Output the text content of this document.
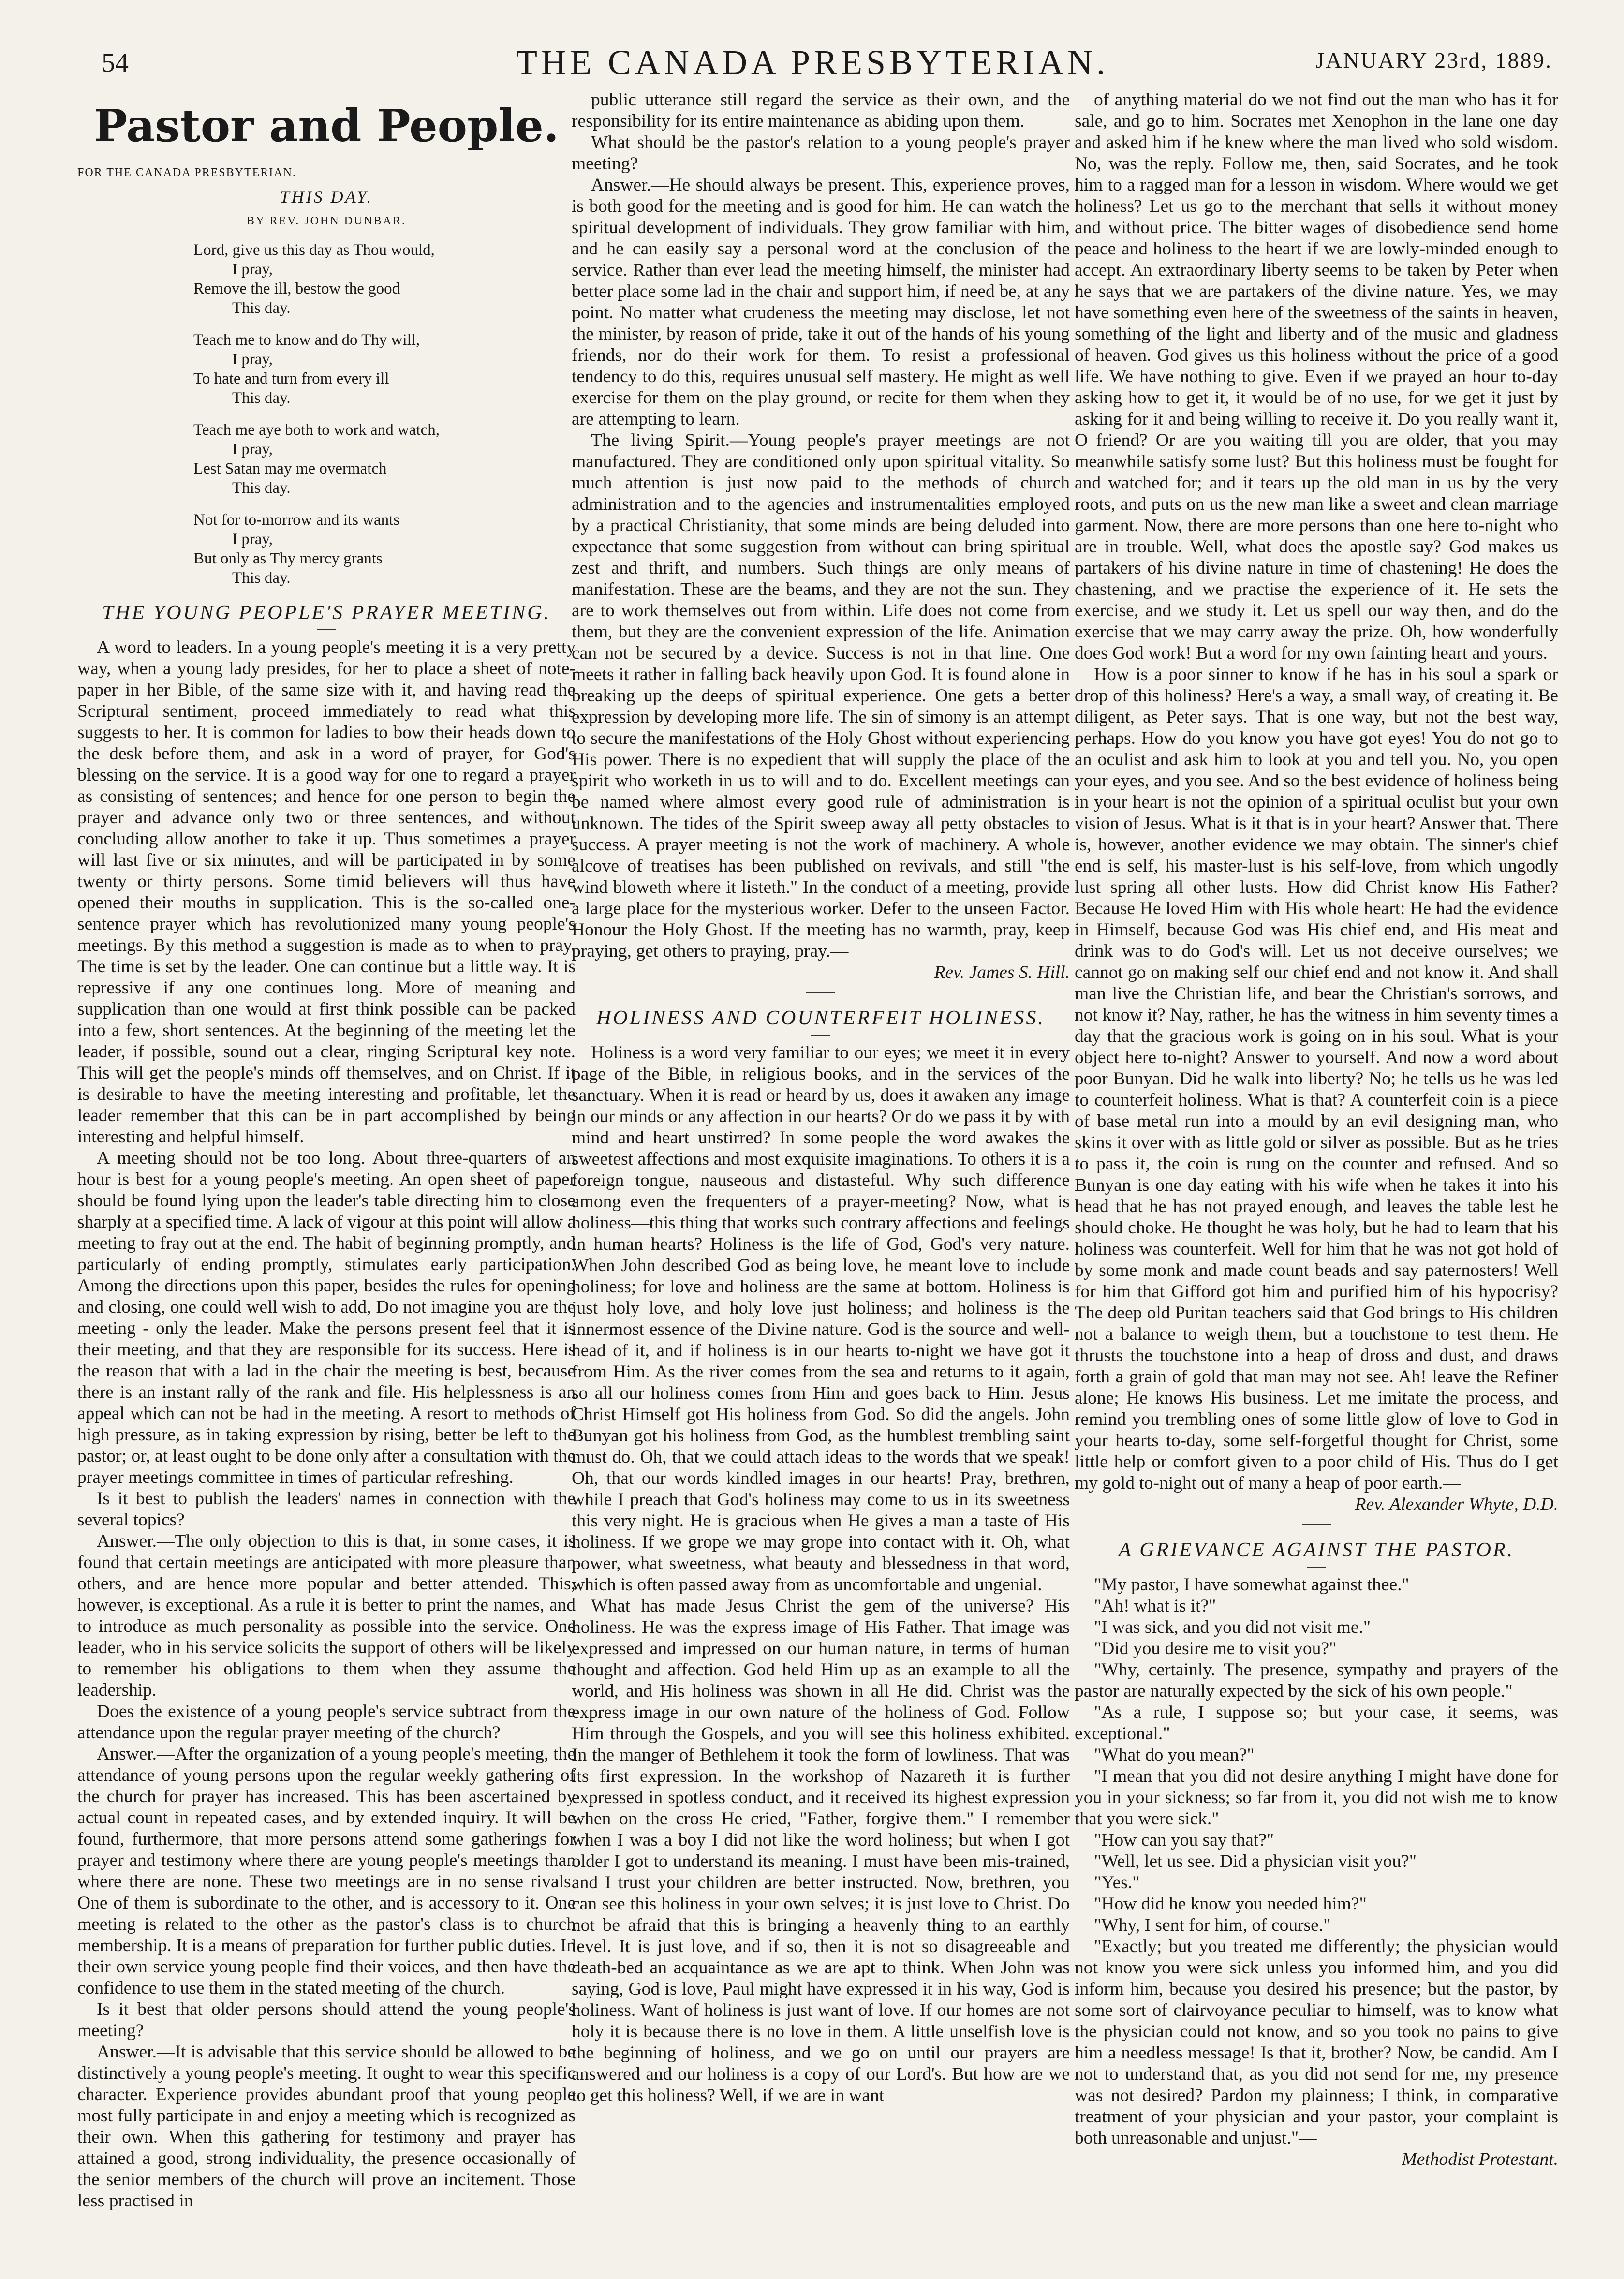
54	THE CANADA PRESBYTERIAN.	JANUARY 23rd, 1889.
Pastor and People.
FOR THE CANADA PRESBYTERIAN.
THIS DAY.
BY REV. JOHN DUNBAR.
Lord, give us this day as Thou would,
I pray,
Remove the ill, bestow the good
This day.
Teach me to know and do Thy will,
I pray,
To hate and turn from every ill
This day.
Teach me aye both to work and watch,
I pray,
Lest Satan may me overmatch
This day.
Not for to-morrow and its wants
I pray,
But only as Thy mercy grants
This day.
THE YOUNG PEOPLE'S PRAYER MEETING.

A word to leaders. In a young people's meeting it is a very pretty way, when a young lady presides, for her to place a sheet of note-paper in her Bible, of the same size with it, and having read the Scriptural sentiment, proceed immediately to read what this suggests to her. It is common for ladies to bow their heads down to the desk before them, and ask in a word of prayer, for God's blessing on the service. It is a good way for one to regard a prayer as consisting of sentences; and hence for one person to begin the prayer and advance only two or three sentences, and without concluding allow another to take it up. Thus sometimes a prayer will last five or six minutes, and will be participated in by some twenty or thirty persons. Some timid believers will thus have opened their mouths in supplication. This is the so-called one-sentence prayer which has revolutionized many young people's meetings. By this method a suggestion is made as to when to pray. The time is set by the leader. One can continue but a little way. It is repressive if any one continues long. More of meaning and supplication than one would at first think possible can be packed into a few, short sentences. At the beginning of the meeting let the leader, if possible, sound out a clear, ringing Scriptural key note. This will get the people's minds off themselves, and on Christ. If it is desirable to have the meeting interesting and profitable, let the leader remember that this can be in part accomplished by being interesting and helpful himself.

A meeting should not be too long. About three-quarters of an hour is best for a young people's meeting. An open sheet of paper should be found lying upon the leader's table directing him to close sharply at a specified time. A lack of vigour at this point will allow a meeting to fray out at the end. The habit of beginning promptly, and particularly of ending promptly, stimulates early participation. Among the directions upon this paper, besides the rules for opening and closing, one could well wish to add, Do not imagine you are the meeting - only the leader. Make the persons present feel that it is their meeting, and that they are responsible for its success. Here is the reason that with a lad in the chair the meeting is best, because there is an instant rally of the rank and file. His helplessness is an appeal which can not be had in the meeting. A resort to methods of high pressure, as in taking expression by rising, better be left to the pastor; or, at least ought to be done only after a consultation with the prayer meetings committee in times of particular refreshing.

Is it best to publish the leaders' names in connection with the several topics?

Answer.—The only objection to this is that, in some cases, it is found that certain meetings are anticipated with more pleasure than others, and are hence more popular and better attended. This, however, is exceptional. As a rule it is better to print the names, and to introduce as much personality as possible into the service. One leader, who in his service solicits the support of others will be likely to remember his obligations to them when they assume the leadership.

Does the existence of a young people's service subtract from the attendance upon the regular prayer meeting of the church?

Answer.—After the organization of a young people's meeting, the attendance of young persons upon the regular weekly gathering of the church for prayer has increased. This has been ascertained by actual count in repeated cases, and by extended inquiry. It will be found, furthermore, that more persons attend some gatherings for prayer and testimony where there are young people's meetings than where there are none. These two meetings are in no sense rivals. One of them is subordinate to the other, and is accessory to it. One meeting is related to the other as the pastor's class is to church membership. It is a means of preparation for further public duties. In their own service young people find their voices, and then have the confidence to use them in the stated meeting of the church.

Is it best that older persons should attend the young people's meeting?

Answer.—It is advisable that this service should be allowed to be distinctively a young people's meeting. It ought to wear this specific character. Experience provides abundant proof that young people most fully participate in and enjoy a meeting which is recognized as their own. When this gathering for testimony and prayer has attained a good, strong individuality, the presence occasionally of the senior members of the church will prove an incitement. Those less practised in

public utterance still regard the service as their own, and the responsibility for its entire maintenance as abiding upon them.

What should be the pastor's relation to a young people's prayer meeting?

Answer.—He should always be present. This, experience proves, is both good for the meeting and is good for him. He can watch the spiritual development of individuals. They grow familiar with him, and he can easily say a personal word at the conclusion of the service. Rather than ever lead the meeting himself, the minister had better place some lad in the chair and support him, if need be, at any point. No matter what crudeness the meeting may disclose, let not the minister, by reason of pride, take it out of the hands of his young friends, nor do their work for them. To resist a professional tendency to do this, requires unusual self mastery. He might as well exercise for them on the play ground, or recite for them when they are attempting to learn.

The living Spirit.—Young people's prayer meetings are not manufactured. They are conditioned only upon spiritual vitality. So much attention is just now paid to the methods of church administration and to the agencies and instrumentalities employed by a practical Christianity, that some minds are being deluded into expectance that some suggestion from without can bring spiritual zest and thrift, and numbers. Such things are only means of manifestation. These are the beams, and they are not the sun. They are to work themselves out from within. Life does not come from them, but they are the convenient expression of the life. Animation can not be secured by a device. Success is not in that line. One meets it rather in falling back heavily upon God. It is found alone in breaking up the deeps of spiritual experience. One gets a better expression by developing more life. The sin of simony is an attempt to secure the manifestations of the Holy Ghost without experiencing His power. There is no expedient that will supply the place of the spirit who worketh in us to will and to do. Excellent meetings can be named where almost every good rule of administration is unknown. The tides of the Spirit sweep away all petty obstacles to success. A prayer meeting is not the work of machinery. A whole alcove of treatises has been published on revivals, and still "the wind bloweth where it listeth." In the conduct of a meeting, provide a large place for the mysterious worker. Defer to the unseen Factor. Honour the Holy Ghost. If the meeting has no warmth, pray, keep praying, get others to praying, pray.—

Rev. James S. Hill.

HOLINESS AND COUNTERFEIT HOLINESS.

Holiness is a word very familiar to our eyes; we meet it in every page of the Bible, in religious books, and in the services of the sanctuary. When it is read or heard by us, does it awaken any image in our minds or any affection in our hearts? Or do we pass it by with mind and heart unstirred? In some people the word awakes the sweetest affections and most exquisite imaginations. To others it is a foreign tongue, nauseous and distasteful. Why such difference among even the frequenters of a prayer-meeting? Now, what is holiness—this thing that works such contrary affections and feelings in human hearts? Holiness is the life of God, God's very nature. When John described God as being love, he meant love to include holiness; for love and holiness are the same at bottom. Holiness is just holy love, and holy love just holiness; and holiness is the innermost essence of the Divine nature. God is the source and well-head of it, and if holiness is in our hearts to-night we have got it from Him. As the river comes from the sea and returns to it again, so all our holiness comes from Him and goes back to Him. Jesus Christ Himself got His holiness from God. So did the angels. John Bunyan got his holiness from God, as the humblest trembling saint must do. Oh, that we could attach ideas to the words that we speak! Oh, that our words kindled images in our hearts! Pray, brethren, while I preach that God's holiness may come to us in its sweetness this very night. He is gracious when He gives a man a taste of His holiness. If we grope we may grope into contact with it. Oh, what power, what sweetness, what beauty and blessedness in that word, which is often passed away from as uncomfortable and ungenial.

What has made Jesus Christ the gem of the universe? His holiness. He was the express image of His Father. That image was expressed and impressed on our human nature, in terms of human thought and affection. God held Him up as an example to all the world, and His holiness was shown in all He did. Christ was the express image in our own nature of the holiness of God. Follow Him through the Gospels, and you will see this holiness exhibited. In the manger of Bethlehem it took the form of lowliness. That was its first expression. In the workshop of Nazareth it is further expressed in spotless conduct, and it received its highest expression when on the cross He cried, "Father, forgive them." I remember when I was a boy I did not like the word holiness; but when I got older I got to understand its meaning. I must have been mis-trained, and I trust your children are better instructed. Now, brethren, you can see this holiness in your own selves; it is just love to Christ. Do not be afraid that this is bringing a heavenly thing to an earthly level. It is just love, and if so, then it is not so disagreeable and death-bed an acquaintance as we are apt to think. When John was saying, God is love, Paul might have expressed it in his way, God is holiness. Want of holiness is just want of love. If our homes are not holy it is because there is no love in them. A little unselfish love is the beginning of holiness, and we go on until our prayers are answered and our holiness is a copy of our Lord's. But how are we to get this holiness? Well, if we are in want

of anything material do we not find out the man who has it for sale, and go to him. Socrates met Xenophon in the lane one day and asked him if he knew where the man lived who sold wisdom. No, was the reply. Follow me, then, said Socrates, and he took him to a ragged man for a lesson in wisdom. Where would we get holiness? Let us go to the merchant that sells it without money and without price. The bitter wages of disobedience send home peace and holiness to the heart if we are lowly-minded enough to accept. An extraordinary liberty seems to be taken by Peter when he says that we are partakers of the divine nature. Yes, we may have something even here of the sweetness of the saints in heaven, something of the light and liberty and of the music and gladness of heaven. God gives us this holiness without the price of a good life. We have nothing to give. Even if we prayed an hour to-day asking how to get it, it would be of no use, for we get it just by asking for it and being willing to receive it. Do you really want it, O friend? Or are you waiting till you are older, that you may meanwhile satisfy some lust? But this holiness must be fought for and watched for; and it tears up the old man in us by the very roots, and puts on us the new man like a sweet and clean marriage garment. Now, there are more persons than one here to-night who are in trouble. Well, what does the apostle say? God makes us partakers of his divine nature in time of chastening! He does the chastening, and we practise the experience of it. He sets the exercise, and we study it. Let us spell our way then, and do the exercise that we may carry away the prize. Oh, how wonderfully does God work! But a word for my own fainting heart and yours.

How is a poor sinner to know if he has in his soul a spark or drop of this holiness? Here's a way, a small way, of creating it. Be diligent, as Peter says. That is one way, but not the best way, perhaps. How do you know you have got eyes! You do not go to an oculist and ask him to look at you and tell you. No, you open your eyes, and you see. And so the best evidence of holiness being in your heart is not the opinion of a spiritual oculist but your own vision of Jesus. What is it that is in your heart? Answer that. There is, however, another evidence we may obtain. The sinner's chief end is self, his master-lust is his self-love, from which ungodly lust spring all other lusts. How did Christ know His Father? Because He loved Him with His whole heart: He had the evidence in Himself, because God was His chief end, and His meat and drink was to do God's will. Let us not deceive ourselves; we cannot go on making self our chief end and not know it. And shall man live the Christian life, and bear the Christian's sorrows, and not know it? Nay, rather, he has the witness in him seventy times a day that the gracious work is going on in his soul. What is your object here to-night? Answer to yourself. And now a word about poor Bunyan. Did he walk into liberty? No; he tells us he was led to counterfeit holiness. What is that? A counterfeit coin is a piece of base metal run into a mould by an evil designing man, who skins it over with as little gold or silver as possible. But as he tries to pass it, the coin is rung on the counter and refused. And so Bunyan is one day eating with his wife when he takes it into his head that he has not prayed enough, and leaves the table lest he should choke. He thought he was holy, but he had to learn that his holiness was counterfeit. Well for him that he was not got hold of by some monk and made count beads and say paternosters! Well for him that Gifford got him and purified him of his hypocrisy? The deep old Puritan teachers said that God brings to His children not a balance to weigh them, but a touchstone to test them. He thrusts the touchstone into a heap of dross and dust, and draws forth a grain of gold that man may not see. Ah! leave the Refiner alone; He knows His business. Let me imitate the process, and remind you trembling ones of some little glow of love to God in your hearts to-day, some self-forgetful thought for Christ, some little help or comfort given to a poor child of His. Thus do I get my gold to-night out of many a heap of poor earth.—

Rev. Alexander Whyte, D.D.

A GRIEVANCE AGAINST THE PASTOR.

"My pastor, I have somewhat against thee."

"Ah! what is it?"

"I was sick, and you did not visit me."

"Did you desire me to visit you?"

"Why, certainly. The presence, sympathy and prayers of the pastor are naturally expected by the sick of his own people."

"As a rule, I suppose so; but your case, it seems, was exceptional."

"What do you mean?"

"I mean that you did not desire anything I might have done for you in your sickness; so far from it, you did not wish me to know that you were sick."

"How can you say that?"

"Well, let us see. Did a physician visit you?"

"Yes."

"How did he know you needed him?"

"Why, I sent for him, of course."

"Exactly; but you treated me differently; the physician would not know you were sick unless you informed him, and you did inform him, because you desired his presence; but the pastor, by some sort of clairvoyance peculiar to himself, was to know what the physician could not know, and so you took no pains to give him a needless message! Is that it, brother? Now, be candid. Am I not to understand that, as you did not send for me, my presence was not desired? Pardon my plainness; I think, in comparative treatment of your physician and your pastor, your complaint is both unreasonable and unjust."—

Methodist Protestant.
